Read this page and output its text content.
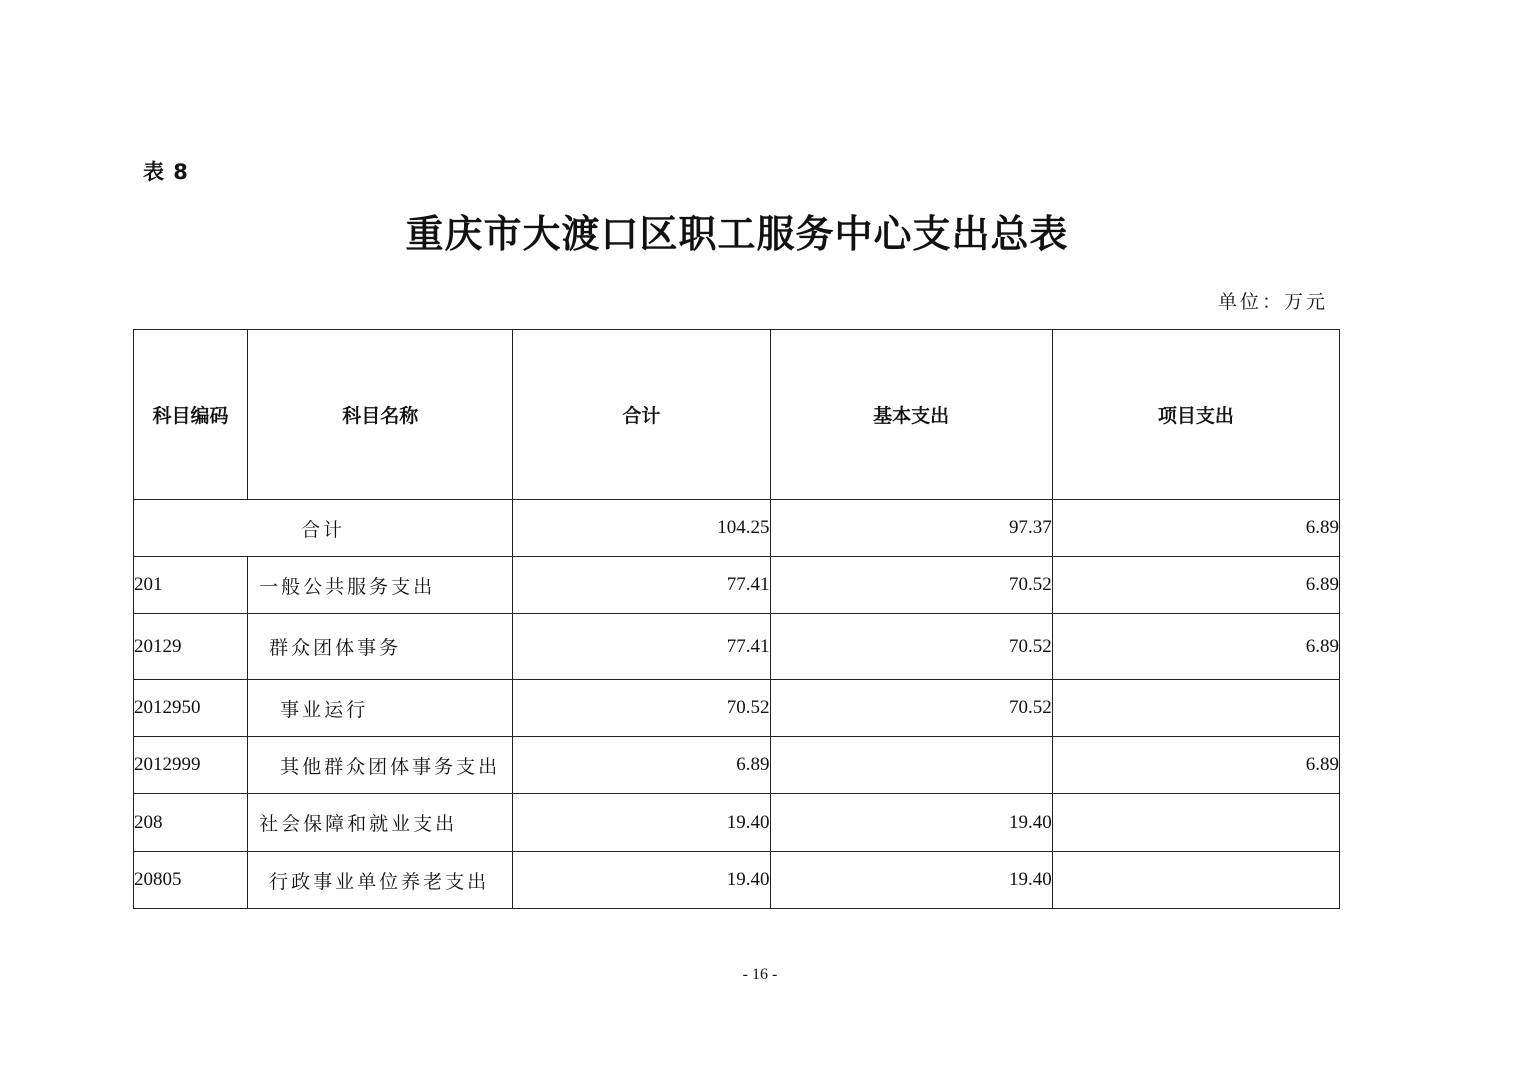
表 8
重庆市大渡口区职工服务中心支出总表
单位：万元
科目编码	科目名称	合计	基本支出	项目支出
合计		104.25	97.37	6.89
201	一般公共服务支出	77.41	70.52	6.89
20129	群众团体事务	77.41	70.52	6.89
2012950	事业运行	70.52	70.52	
2012999	其他群众团体事务支出	6.89		6.89
208	社会保障和就业支出	19.40	19.40	
20805	行政事业单位养老支出	19.40	19.40	
- 16 -
